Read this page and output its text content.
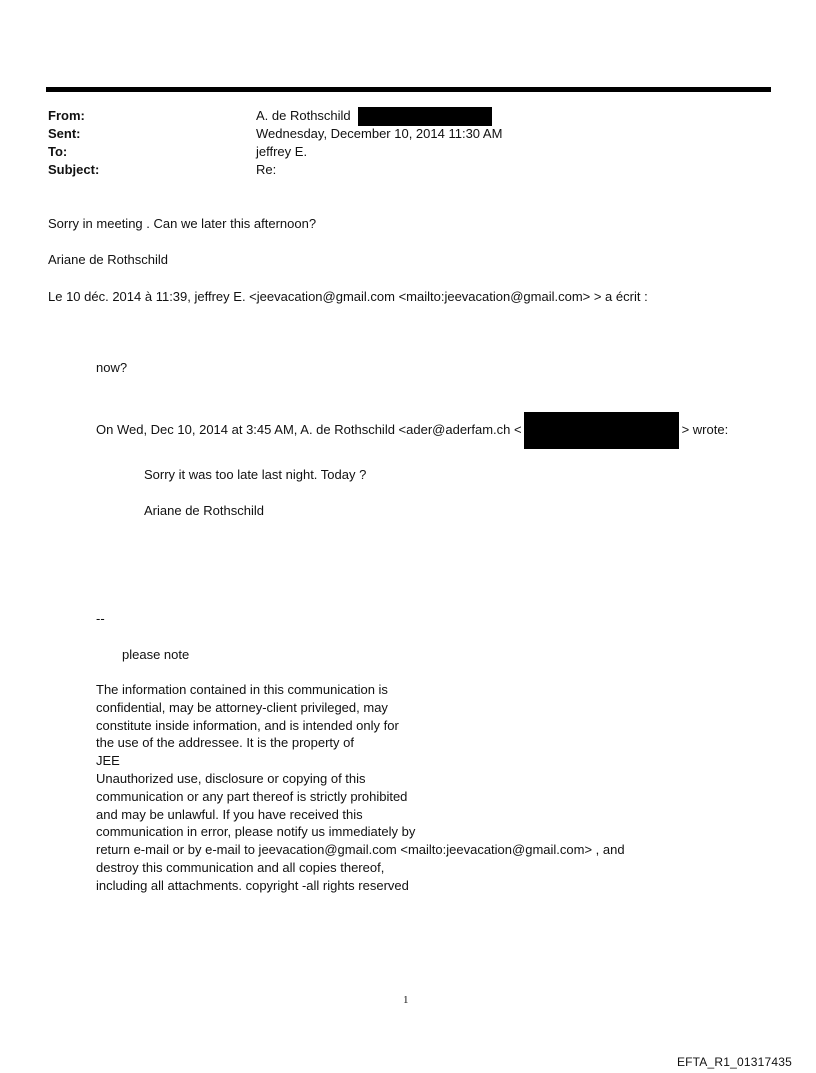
From:	A. de Rothschild
Sent:	Wednesday, December 10, 2014 11:30 AM
To:	jeffrey E.
Subject:	Re:
Sorry in meeting . Can we later this afternoon?
Ariane de Rothschild
Le 10 déc. 2014 à 11:39, jeffrey E. <jeevacation@gmail.com <mailto:jeevacation@gmail.com> > a écrit :
now?
On Wed, Dec 10, 2014 at 3:45 AM, A. de Rothschild <ader@aderfam.ch <	> wrote:
Sorry it was too late last night. Today ?
Ariane de Rothschild
--
please note
The information contained in this communication is
confidential, may be attorney-client privileged, may
constitute inside information, and is intended only for
the use of the addressee. It is the property of
JEE
Unauthorized use, disclosure or copying of this
communication or any part thereof is strictly prohibited
and may be unlawful. If you have received this
communication in error, please notify us immediately by
return e-mail or by e-mail to jeevacation@gmail.com <mailto:jeevacation@gmail.com> , and
destroy this communication and all copies thereof,
including all attachments. copyright -all rights reserved
1
EFTA_R1_01317435
